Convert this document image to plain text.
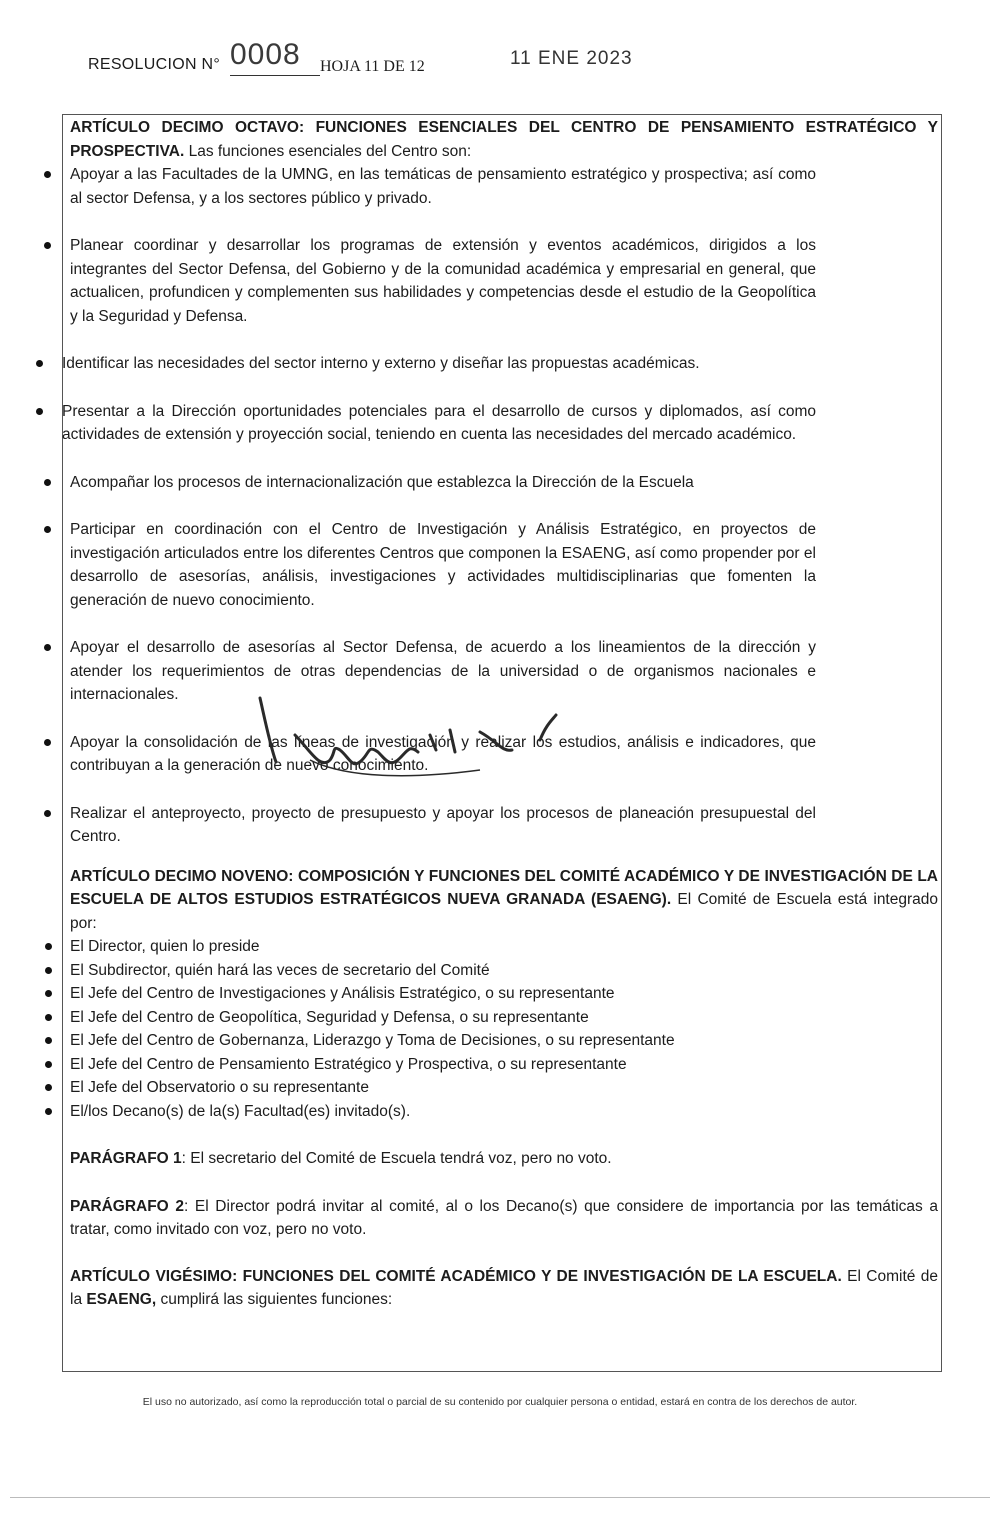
RESOLUCION N° 0008 HOJA 11 DE 12	11 ENE 2023

ARTÍCULO DECIMO OCTAVO: FUNCIONES ESENCIALES DEL CENTRO DE PENSAMIENTO ESTRATÉGICO Y PROSPECTIVA. Las funciones esenciales del Centro son:

Apoyar a las Facultades de la UMNG, en las temáticas de pensamiento estratégico y prospectiva; así como al sector Defensa, y a los sectores público y privado.
Planear coordinar y desarrollar los programas de extensión y eventos académicos, dirigidos a los integrantes del Sector Defensa, del Gobierno y de la comunidad académica y empresarial en general, que actualicen, profundicen y complementen sus habilidades y competencias desde el estudio de la Geopolítica y la Seguridad y Defensa.
Identificar las necesidades del sector interno y externo y diseñar las propuestas académicas.
Presentar a la Dirección oportunidades potenciales para el desarrollo de cursos y diplomados, así como actividades de extensión y proyección social, teniendo en cuenta las necesidades del mercado académico.
Acompañar los procesos de internacionalización que establezca la Dirección de la Escuela
Participar en coordinación con el Centro de Investigación y Análisis Estratégico, en proyectos de investigación articulados entre los diferentes Centros que componen la ESAENG, así como propender por el desarrollo de asesorías, análisis, investigaciones y actividades multidisciplinarias que fomenten la generación de nuevo conocimiento.
Apoyar el desarrollo de asesorías al Sector Defensa, de acuerdo a los lineamientos de la dirección y atender los requerimientos de otras dependencias de la universidad o de organismos nacionales e internacionales.
Apoyar la consolidación de las líneas de investigación y realizar los estudios, análisis e indicadores, que contribuyan a la generación de nuevo conocimiento.
Realizar el anteproyecto, proyecto de presupuesto y apoyar los procesos de planeación presupuestal del Centro.

ARTÍCULO DECIMO NOVENO: COMPOSICIÓN Y FUNCIONES DEL COMITÉ ACADÉMICO Y DE INVESTIGACIÓN DE LA ESCUELA DE ALTOS ESTUDIOS ESTRATÉGICOS NUEVA GRANADA (ESAENG). El Comité de Escuela está integrado por:

El Director, quien lo preside
El Subdirector, quién hará las veces de secretario del Comité
El Jefe del Centro de Investigaciones y Análisis Estratégico, o su representante
El Jefe del Centro de Geopolítica, Seguridad y Defensa, o su representante
El Jefe del Centro de Gobernanza, Liderazgo y Toma de Decisiones, o su representante
El Jefe del Centro de Pensamiento Estratégico y Prospectiva, o su representante
El Jefe del Observatorio o su representante
El/los Decano(s) de la(s) Facultad(es) invitado(s).

PARÁGRAFO 1: El secretario del Comité de Escuela tendrá voz, pero no voto.

PARÁGRAFO 2: El Director podrá invitar al comité, al o los Decano(s) que considere de importancia por las temáticas a tratar, como invitado con voz, pero no voto.

ARTÍCULO VIGÉSIMO: FUNCIONES DEL COMITÉ ACADÉMICO Y DE INVESTIGACIÓN DE LA ESCUELA. El Comité de la ESAENG, cumplirá las siguientes funciones:

El uso no autorizado, así como la reproducción total o parcial de su contenido por cualquier persona o entidad, estará en contra de los derechos de autor.
